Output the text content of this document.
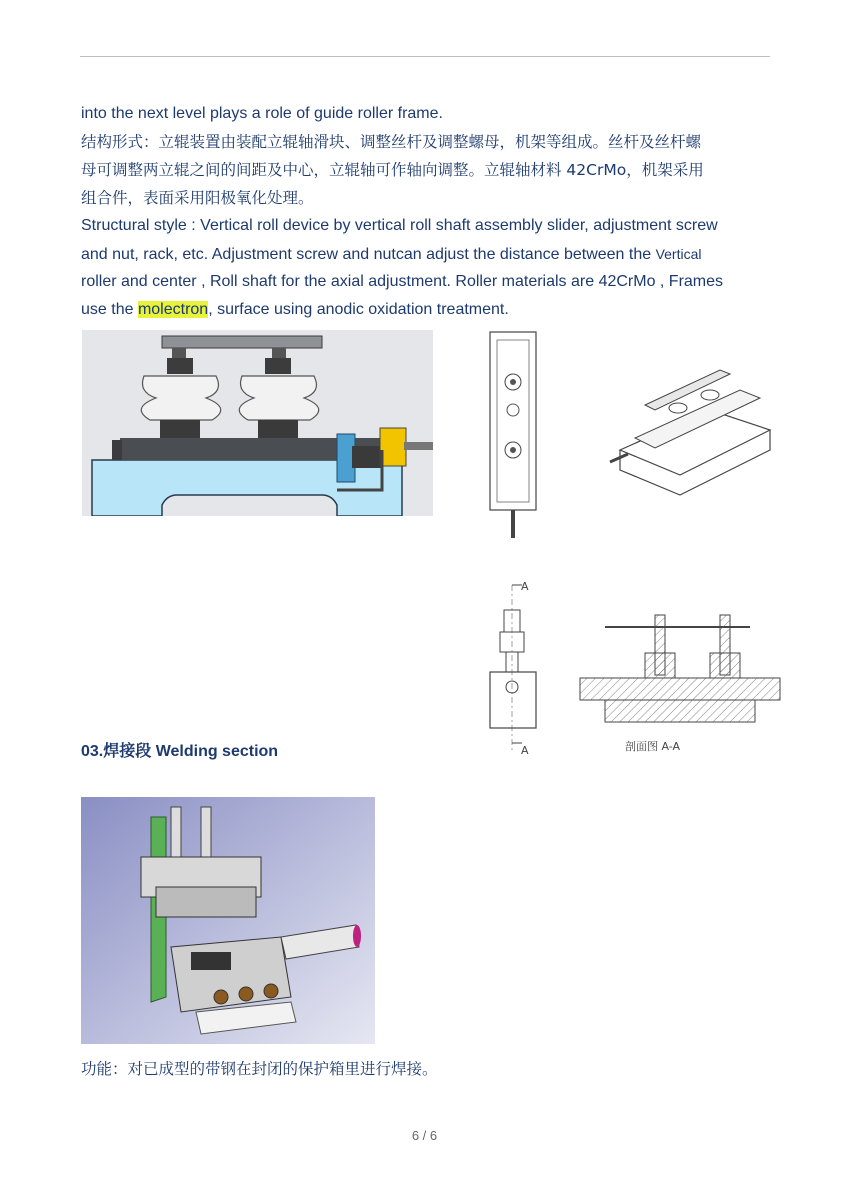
into the next level plays a role of guide roller frame.

结构形式：立辊装置由装配立辊轴滑块、调整丝杆及调整螺母，机架等组成。丝杆及丝杆螺

母可调整两立辊之间的间距及中心，立辊轴可作轴向调整。立辊轴材料 42CrMo，机架采用

组合件，表面采用阳极氧化处理。

Structural style : Vertical roll device by vertical roll shaft assembly slider, adjustment screw

and nut, rack, etc. Adjustment screw and nutcan adjust the distance between the Vertical

roller and center , Roll shaft for the axial adjustment. Roller materials are 42CrMo , Frames

use the molectron, surface using anodic oxidation treatment.

A
A	剖面图 A-A
03.焊接段 Welding section

功能：对已成型的带钢在封闭的保护箱里进行焊接。

6 / 6
